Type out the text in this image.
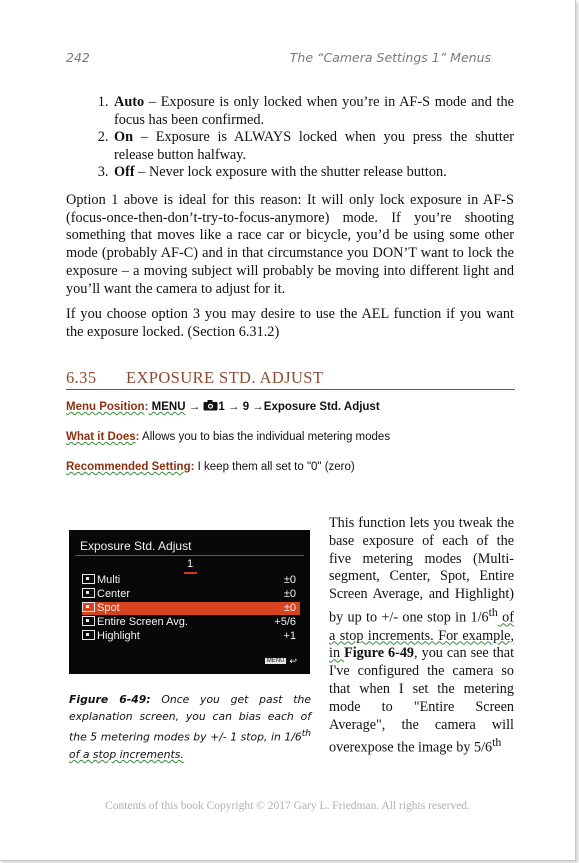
242	The “Camera Settings 1” Menus
1. Auto – Exposure is only locked when you’re in AF-S mode and the focus has been confirmed.
2. On – Exposure is ALWAYS locked when you press the shutter release button halfway.
3. Off – Never lock exposure with the shutter release button.

Option 1 above is ideal for this reason: It will only lock exposure in AF-S (focus-once-then-don’t-try-to-focus-anymore) mode. If you’re shooting something that moves like a race car or bicycle, you’d be using some other mode (probably AF-C) and in that circumstance you DON’T want to lock the exposure – a moving subject will probably be moving into different light and you’ll want the camera to adjust for it.

If you choose option 3 you may desire to use the AEL function if you want the exposure locked. (Section 6.31.2)

6.35 EXPOSURE STD. ADJUST
Menu Position: MENU → 1 → 9 →Exposure Std. Adjust
What it Does: Allows you to bias the individual metering modes
Recommended Setting: I keep them all set to "0" (zero)
Exposure Std. Adjust
1
Multi	±0
Center	±0
Spot	±0
Entire Screen Avg.	+5/6
Highlight	+1
MENU ↩

Figure 6-49: Once you get past the explanation screen, you can bias each of the 5 metering modes by +/- 1 stop, in 1/6th of a stop increments.

This function lets you tweak the base exposure of each of the five metering modes (Multi-segment, Center, Spot, Entire Screen Average, and Highlight) by up to +/- one stop in 1/6th of a stop increments. For example, in Figure 6-49, you can see that I've configured the camera so that when I set the metering mode to "Entire Screen Average", the camera will overexpose the image by 5/6th

Contents of this book Copyright © 2017 Gary L. Friedman. All rights reserved.
